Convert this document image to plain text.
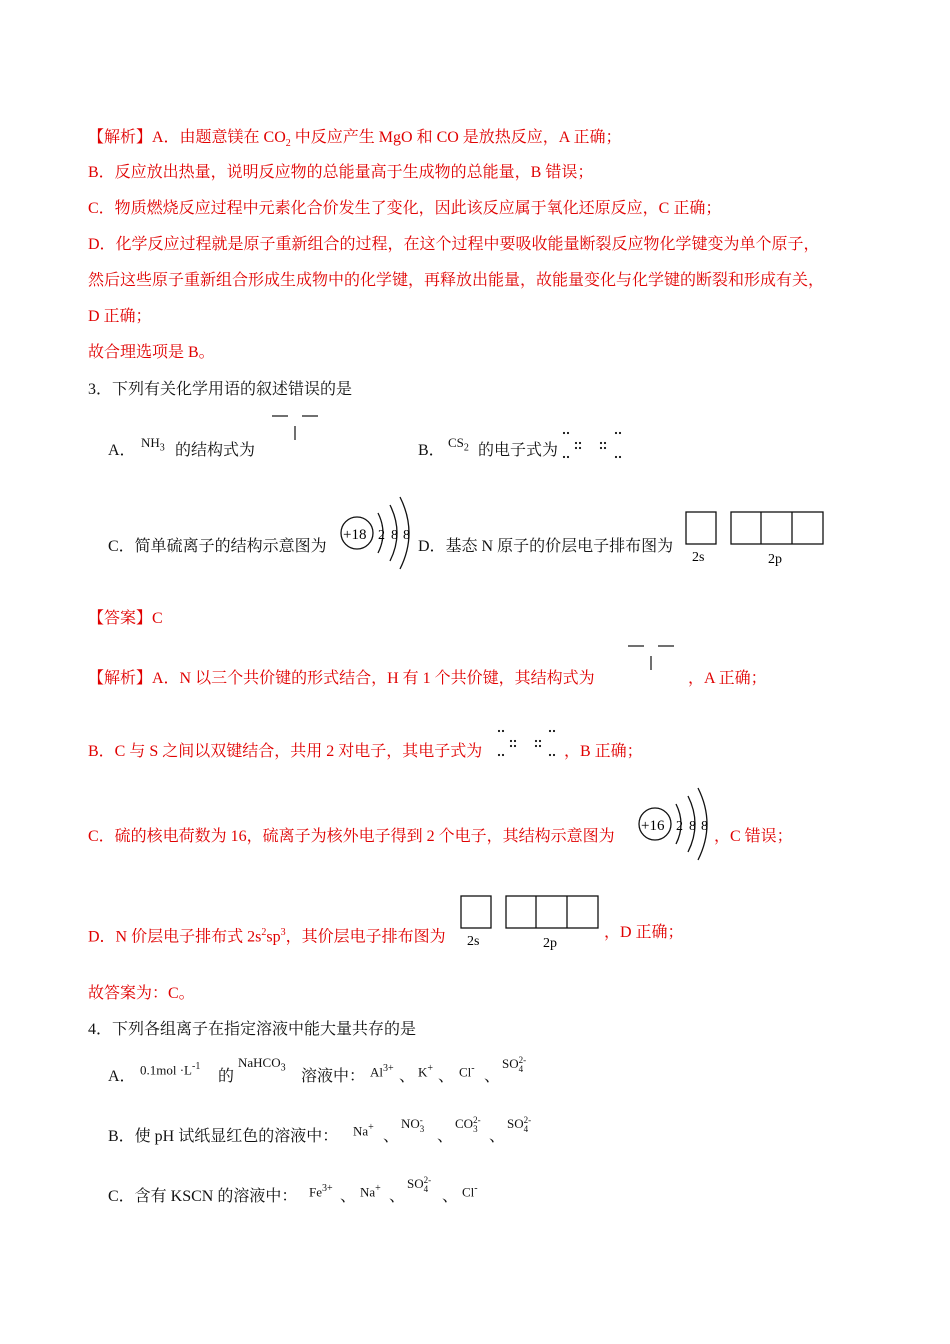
【解析】A．由题意镁在 $CO_2$ 中反应产生 MgO 和 CO 是放热反应，A 正确；
B．反应放出热量，说明反应物的总能量高于生成物的总能量，B 错误；
C．物质燃烧反应过程中元素化合价发生了变化，因此该反应属于氧化还原反应，C 正确；
D．化学反应过程就是原子重新组合的过程，在这个过程中要吸收能量断裂反应物化学键变为单个原子，
然后这些原子重新组合形成生成物中的化学键，再释放出能量，故能量变化与化学键的断裂和形成有关，
D 正确；
故合理选项是 B。
3．下列有关化学用语的叙述错误的是
A． $NH_3$ 的结构式为	B． $CS_2$ 的电子式为
C．简单硫离子的结构示意图为
+18 2 8 8
D．基态 N 原子的价层电子排布图为
2s	2p
【答案】C
【解析】A．N 以三个共价键的形式结合，H 有 1 个共价键，其结构式为	，A 正确；
B．C 与 S 之间以双键结合，共用 2 对电子，其电子式为	，B 正确；
C．硫的核电荷数为 16，硫离子为核外电子得到 2 个电子，其结构示意图为
+16 2 8 8
，C 错误；
D．N 价层电子排布式 $2s^2sp^3$，其价层电子排布图为 2s	2p
，D 正确；
故答案为：C。
4．下列各组离子在指定溶液中能大量共存的是
A． $0.1mol \cdot L^{-1}$
的
NaHCO$_3$ 溶液中： $Al^{3+}$ 、 K+ 、 Cl- 、
SO 2-
4
B．使 pH 试纸显红色的溶液中： Na+
、
NO -
3 、
CO 2-
3 、
SO 2-
4
C．含有 KSCN 的溶液中： $Fe^{3+}$ 、 Na+ 、
SO 2-
4 、 Cl-
